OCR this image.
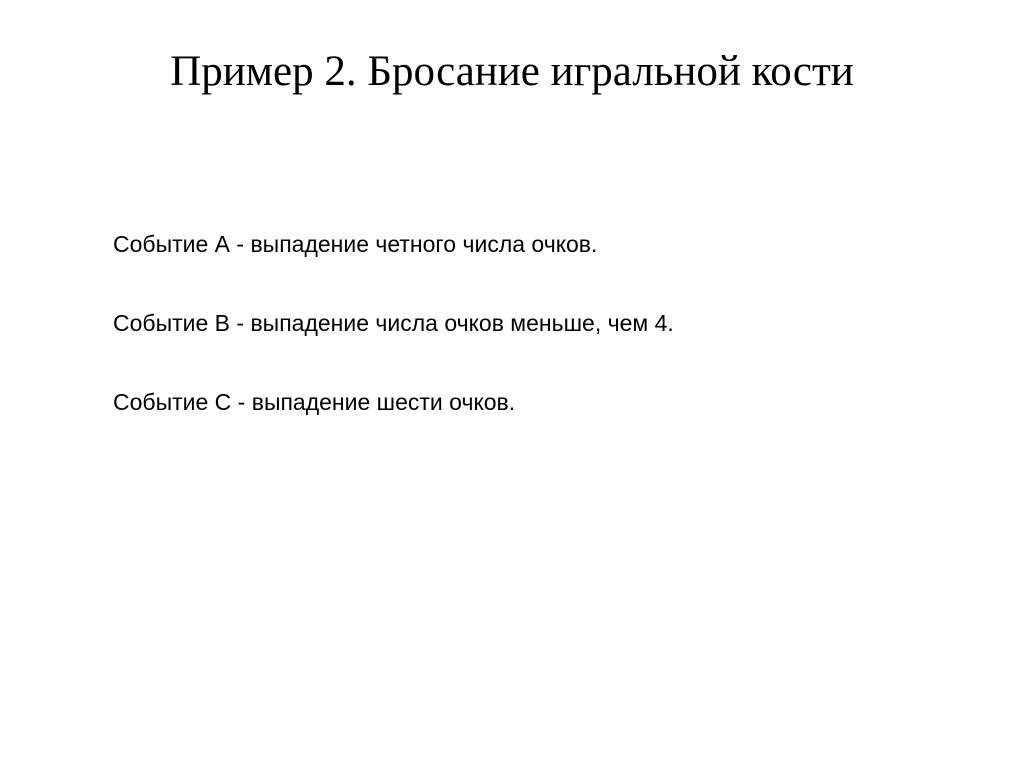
Пример 2. Бросание игральной кости
Событие А - выпадение четного числа очков.
Событие В - выпадение числа очков меньше, чем 4.
Событие С - выпадение шести очков.
